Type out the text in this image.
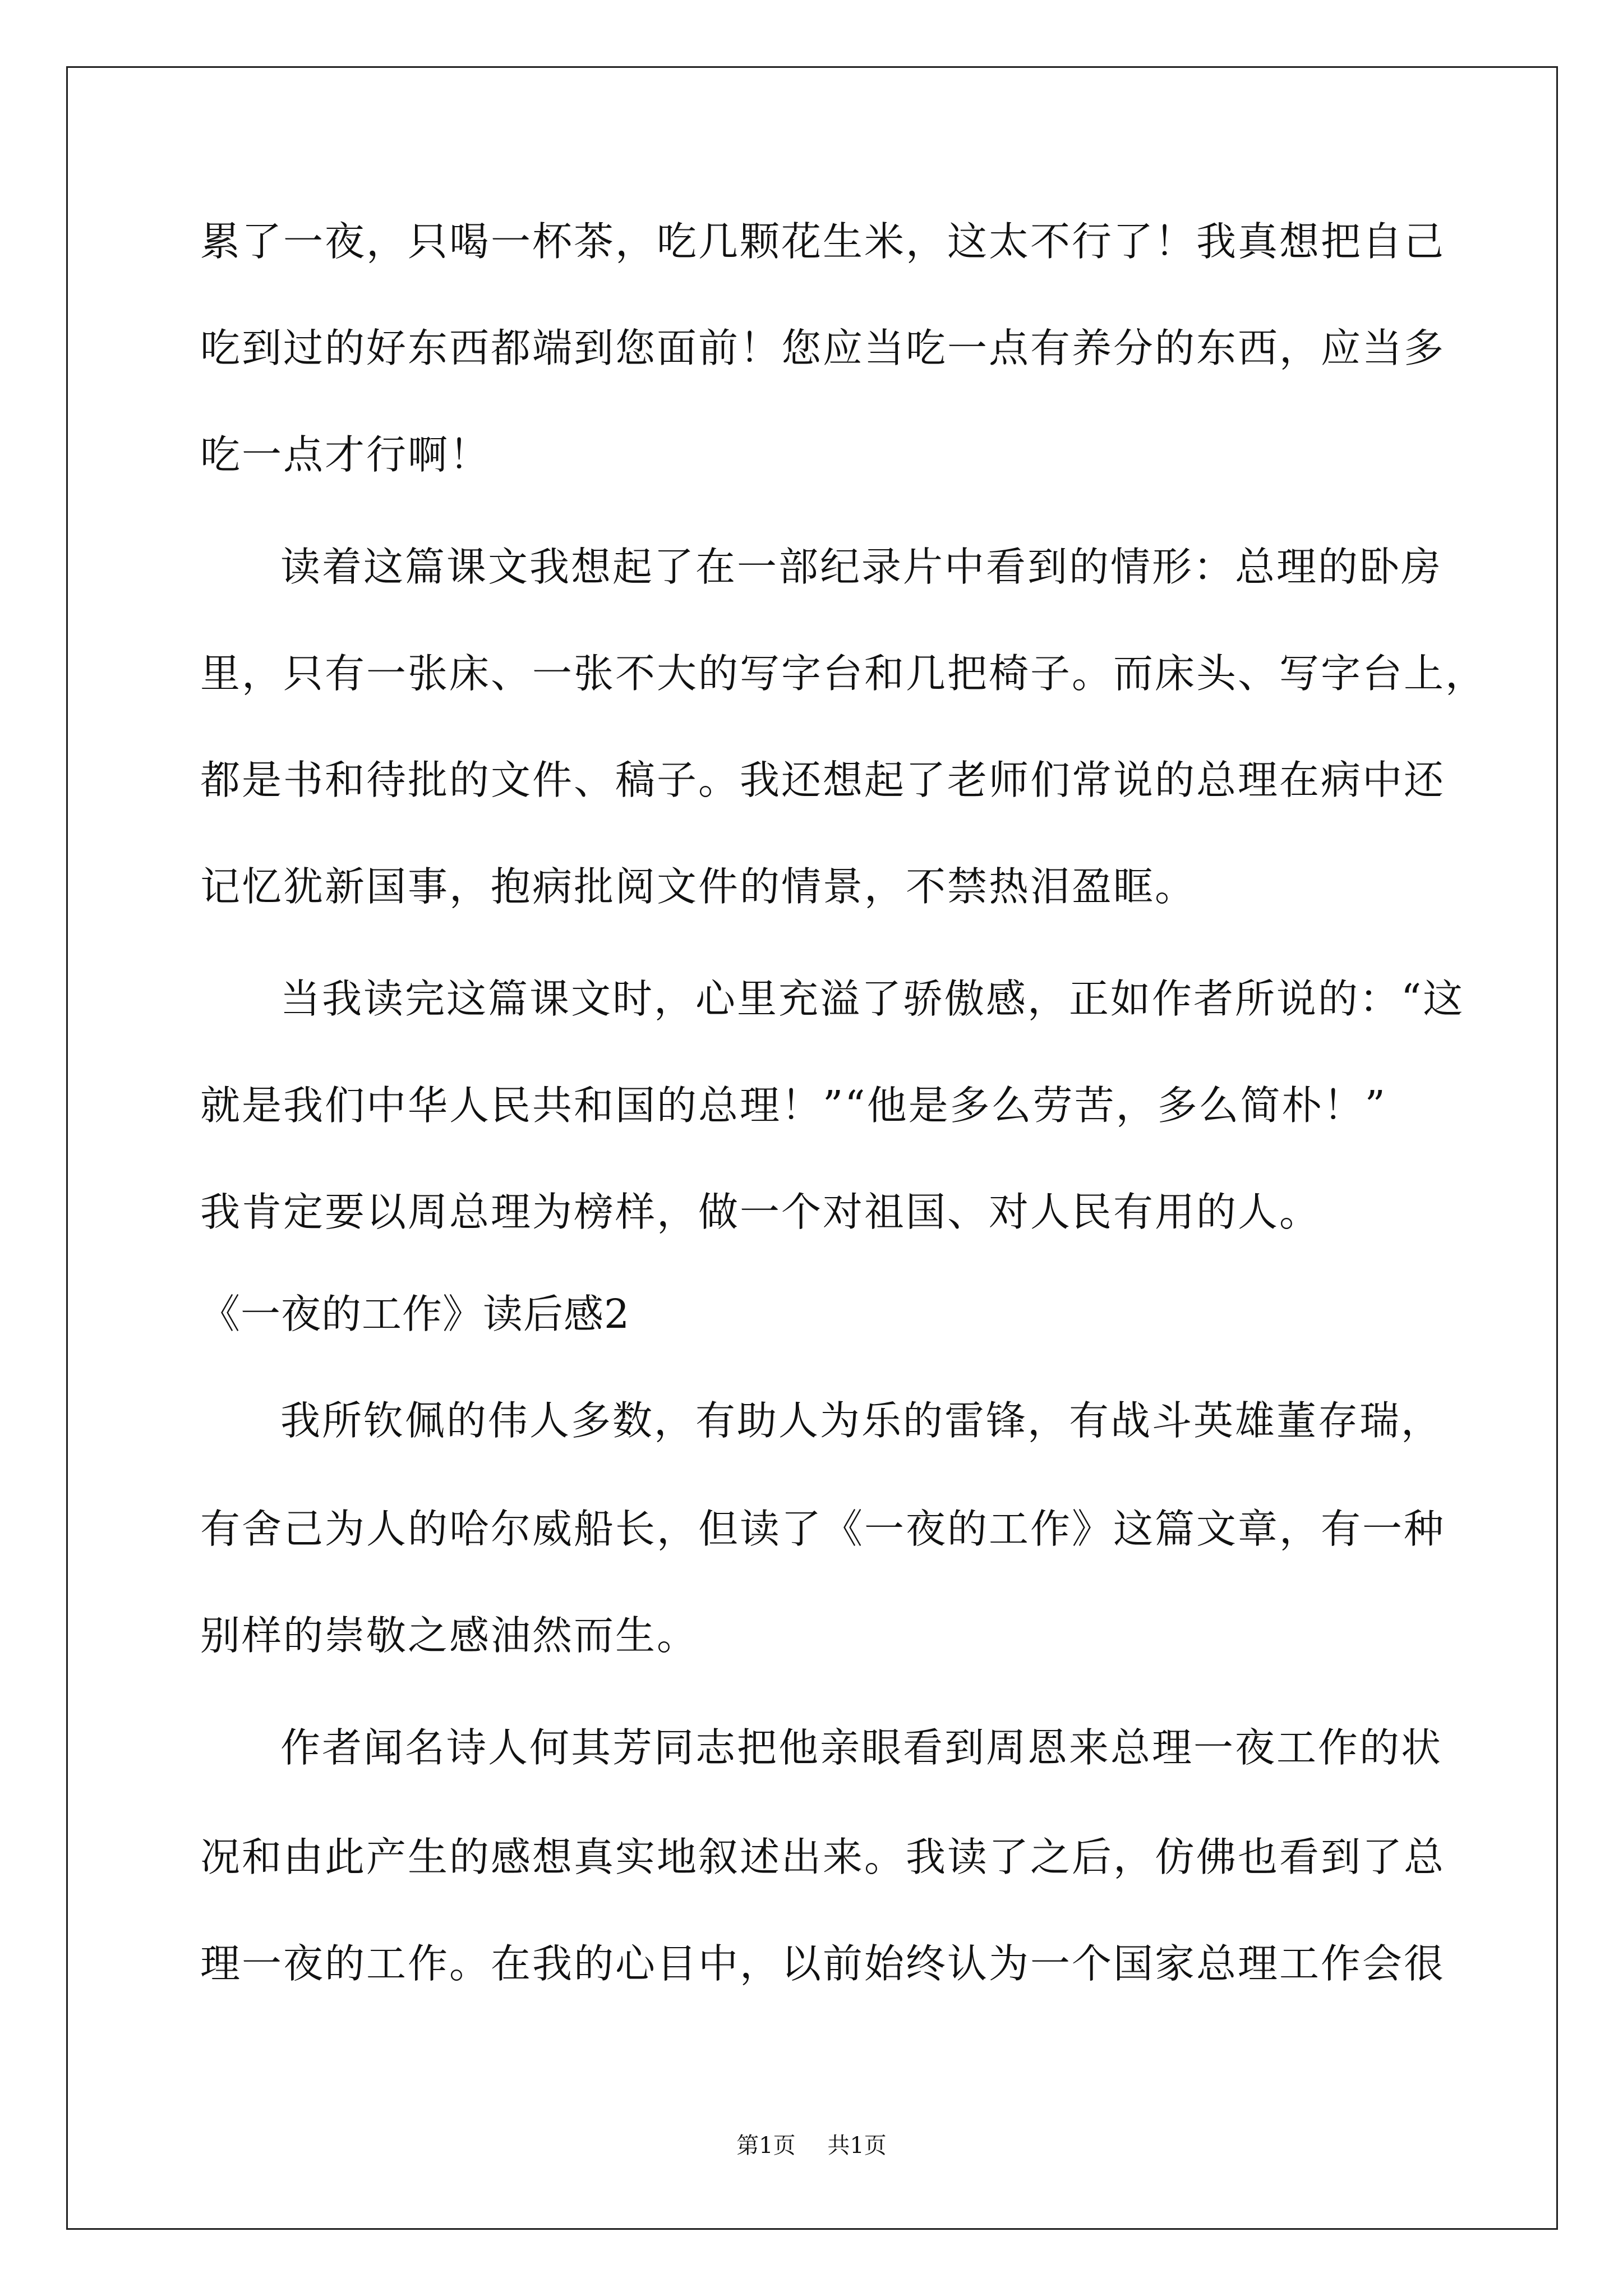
累了一夜，只喝一杯茶，吃几颗花生米，这太不行了！我真想把自己
吃到过的好东西都端到您面前！您应当吃一点有养分的东西，应当多
吃一点才行啊！
读着这篇课文我想起了在一部纪录片中看到的情形：总理的卧房
里，只有一张床、一张不大的写字台和几把椅子。而床头、写字台上，
都是书和待批的文件、稿子。我还想起了老师们常说的总理在病中还
记忆犹新国事，抱病批阅文件的情景，不禁热泪盈眶。
当我读完这篇课文时，心里充溢了骄傲感，正如作者所说的：“这
就是我们中华人民共和国的总理！”“他是多么劳苦，多么简朴！”
我肯定要以周总理为榜样，做一个对祖国、对人民有用的人。
《一夜的工作》读后感2
我所钦佩的伟人多数，有助人为乐的雷锋，有战斗英雄董存瑞，
有舍己为人的哈尔威船长，但读了《一夜的工作》这篇文章，有一种
别样的崇敬之感油然而生。
作者闻名诗人何其芳同志把他亲眼看到周恩来总理一夜工作的状
况和由此产生的感想真实地叙述出来。我读了之后，仿佛也看到了总
理一夜的工作。在我的心目中，以前始终认为一个国家总理工作会很
第1页 共1页
